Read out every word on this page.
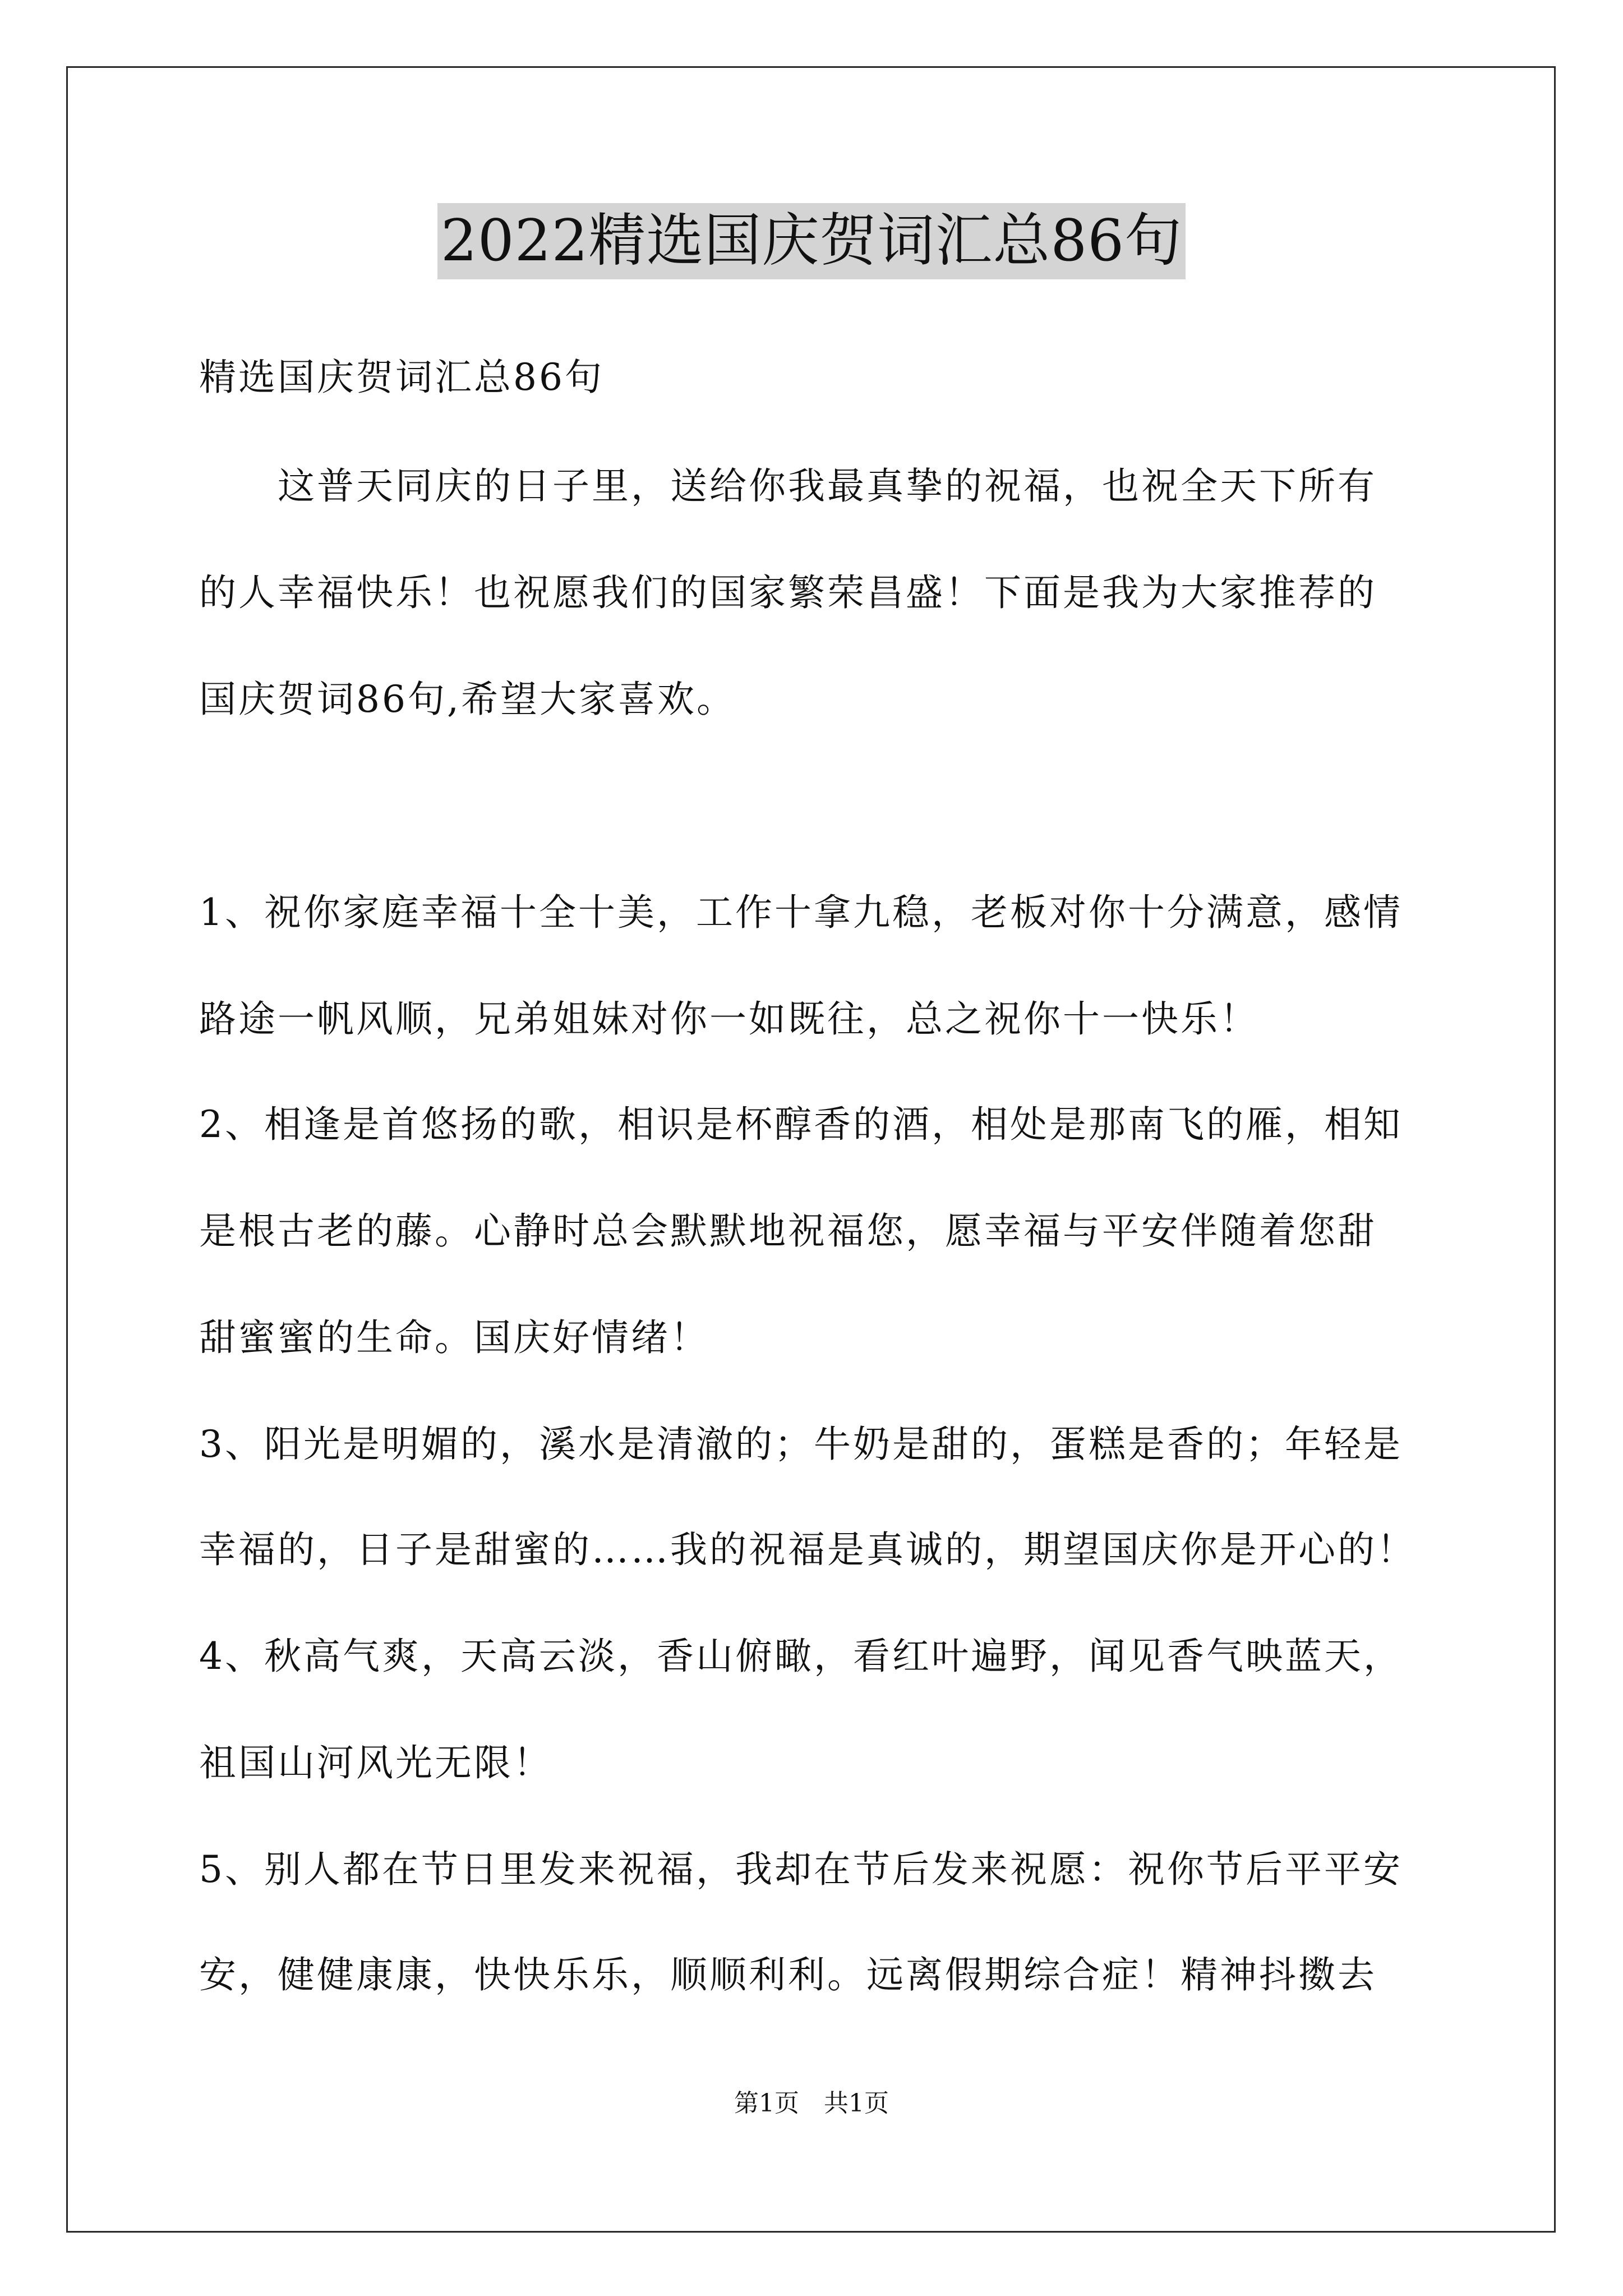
2022精选国庆贺词汇总86句
精选国庆贺词汇总86句
　　这普天同庆的日子里，送给你我最真挚的祝福，也祝全天下所有
的人幸福快乐！也祝愿我们的国家繁荣昌盛！下面是我为大家推荐的
国庆贺词86句,希望大家喜欢。
1、祝你家庭幸福十全十美，工作十拿九稳，老板对你十分满意，感情
路途一帆风顺，兄弟姐妹对你一如既往，总之祝你十一快乐！
2、相逢是首悠扬的歌，相识是杯醇香的酒，相处是那南飞的雁，相知
是根古老的藤。心静时总会默默地祝福您，愿幸福与平安伴随着您甜
甜蜜蜜的生命。国庆好情绪！
3、阳光是明媚的，溪水是清澈的；牛奶是甜的，蛋糕是香的；年轻是
幸福的，日子是甜蜜的……我的祝福是真诚的，期望国庆你是开心的！
4、秋高气爽，天高云淡，香山俯瞰，看红叶遍野，闻见香气映蓝天，
祖国山河风光无限！
5、别人都在节日里发来祝福，我却在节后发来祝愿：祝你节后平平安
安，健健康康，快快乐乐，顺顺利利。远离假期综合症！精神抖擞去
第1页　共1页
